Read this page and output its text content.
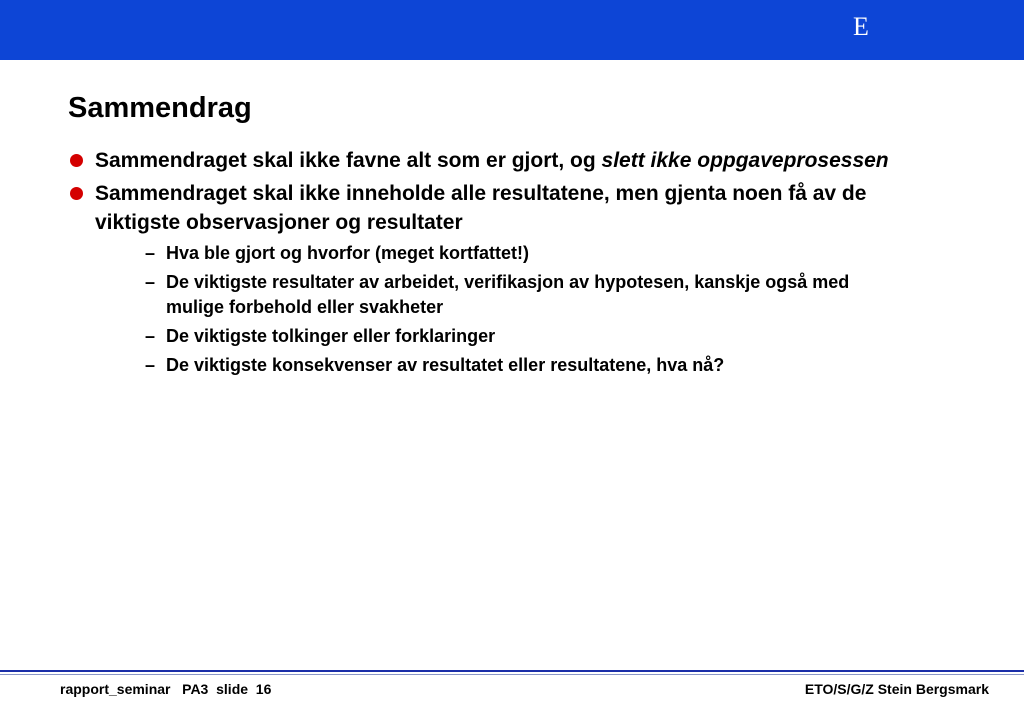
E
Sammendrag
Sammendraget skal ikke favne alt som er gjort, og slett ikke oppgaveprosessen
Sammendraget skal ikke inneholde alle resultatene, men gjenta noen få av de viktigste observasjoner og resultater
– Hva ble gjort og hvorfor (meget kortfattet!)
– De viktigste resultater av arbeidet, verifikasjon av hypotesen, kanskje også med mulige forbehold eller svakheter
– De viktigste tolkinger eller forklaringer
– De viktigste konsekvenser av resultatet eller resultatene, hva nå?
rapport_seminar   PA3  slide  16	ETO/S/G/Z Stein Bergsmark
